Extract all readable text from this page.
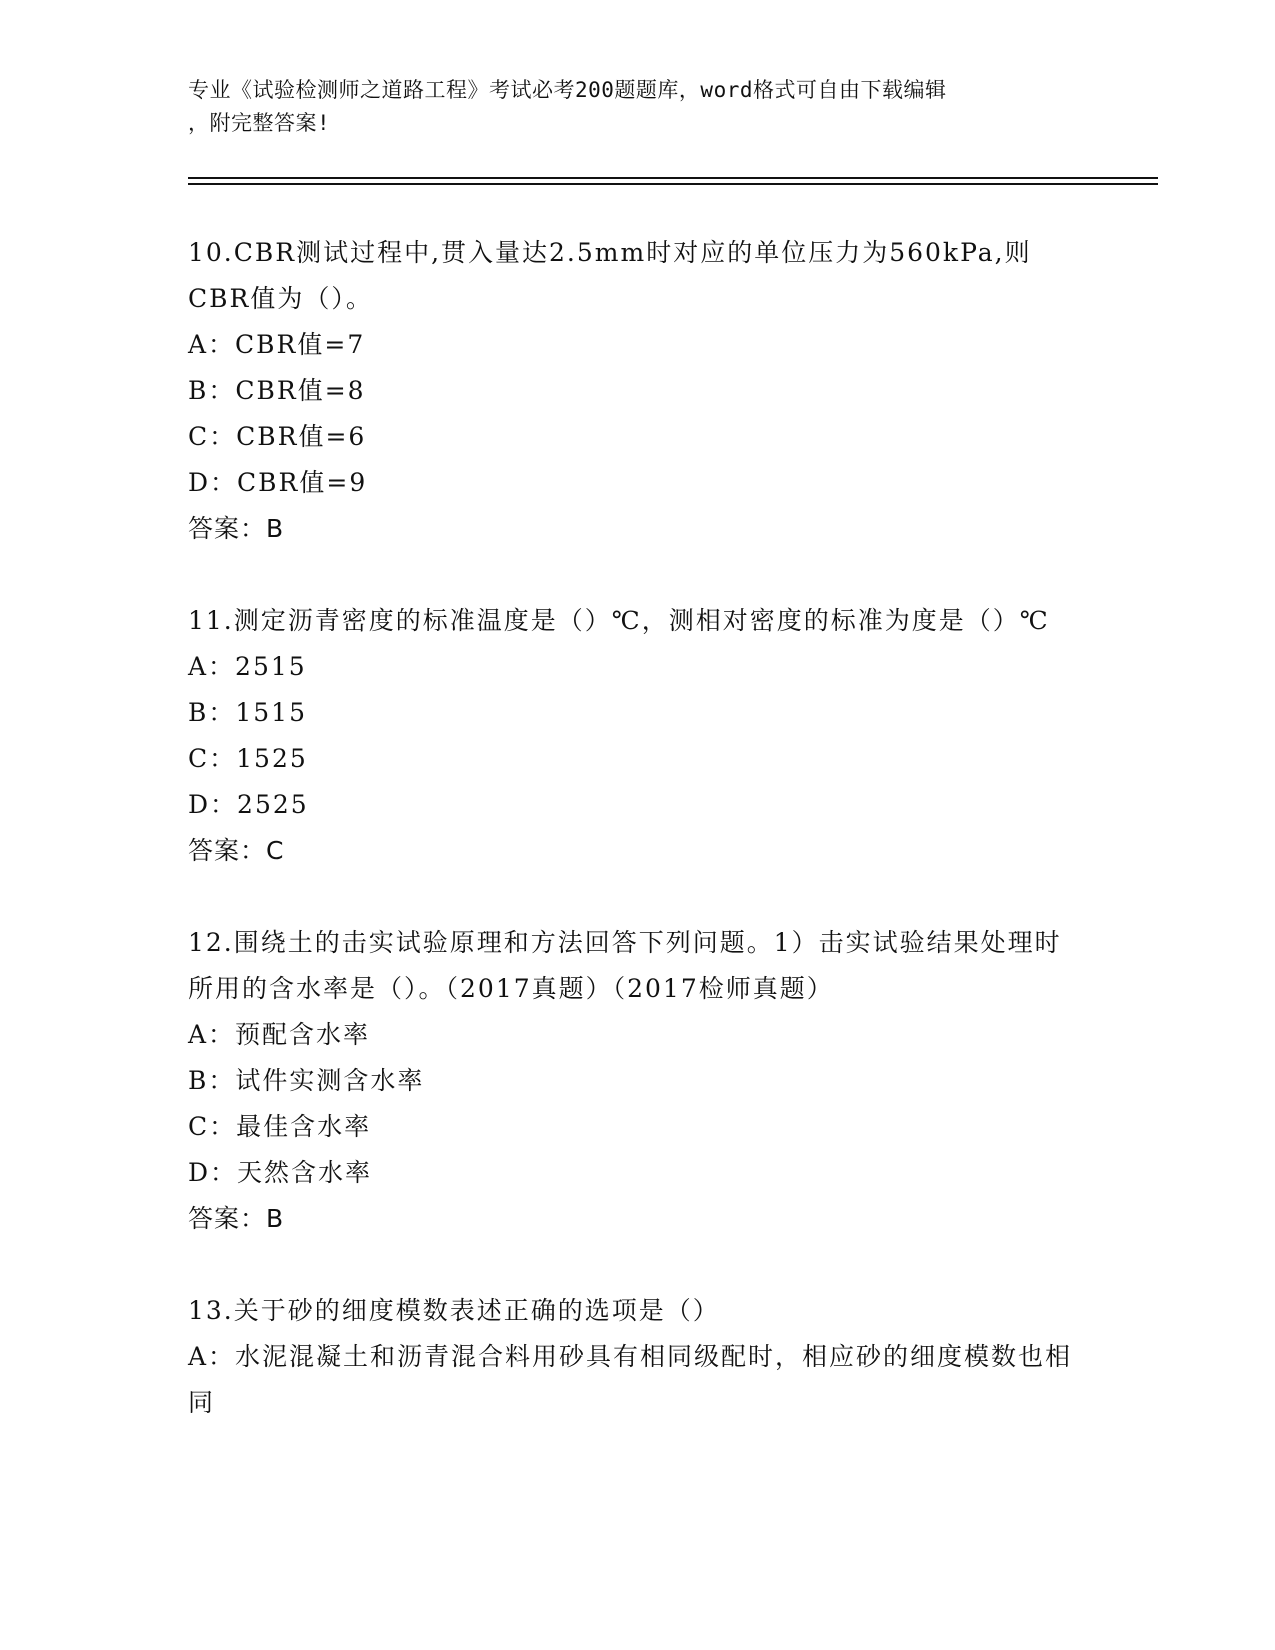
专业《试验检测师之道路工程》考试必考200题题库，word格式可自由下载编辑
，附完整答案!
10.CBR测试过程中,贯入量达2.5mm时对应的单位压力为560kPa,则CBR值为（）。
A：CBR值=7
B：CBR值=8
C：CBR值=6
D：CBR值=9
答案：B
11.测定沥青密度的标准温度是（）℃，测相对密度的标准为度是（）℃
A：2515
B：1515
C：1525
D：2525
答案：C
12.围绕土的击实试验原理和方法回答下列问题。1）击实试验结果处理时所用的含水率是（）。（2017真题）（2017检师真题）
A：预配含水率
B：试件实测含水率
C：最佳含水率
D：天然含水率
答案：B
13.关于砂的细度模数表述正确的选项是（）
A：水泥混凝土和沥青混合料用砂具有相同级配时，相应砂的细度模数也相同
